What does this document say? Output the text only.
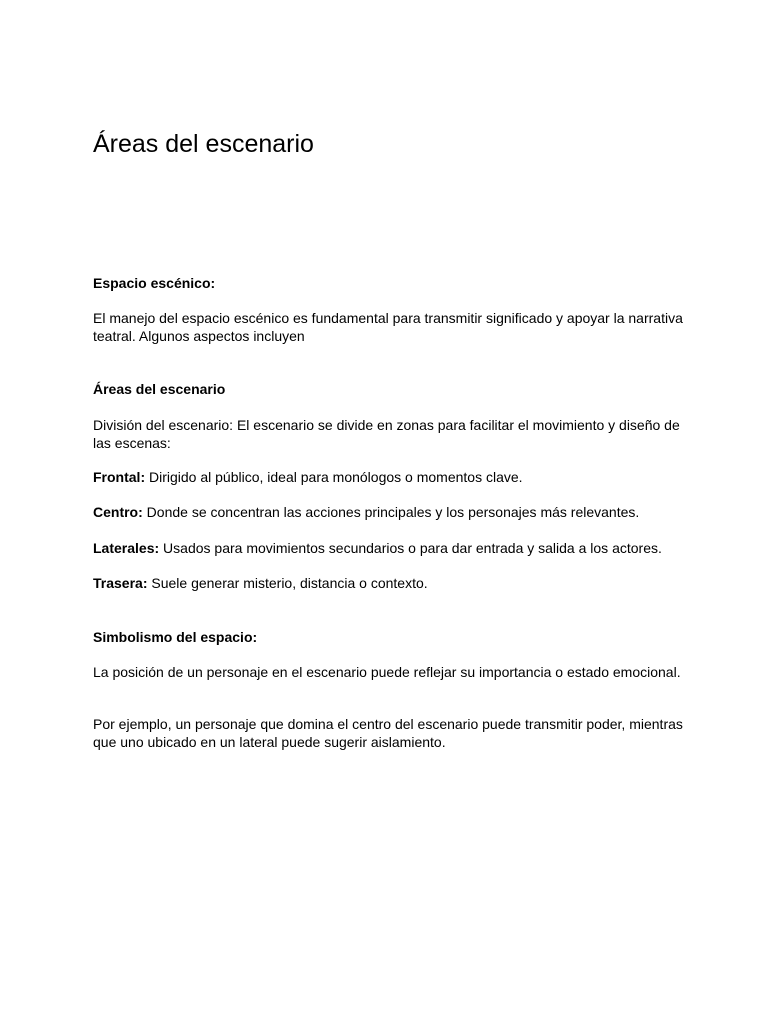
Áreas del escenario

Espacio escénico:

El manejo del espacio escénico es fundamental para transmitir significado y apoyar la narrativa teatral. Algunos aspectos incluyen

Áreas del escenario

División del escenario: El escenario se divide en zonas para facilitar el movimiento y diseño de las escenas:

Frontal: Dirigido al público, ideal para monólogos o momentos clave.

Centro: Donde se concentran las acciones principales y los personajes más relevantes.

Laterales: Usados para movimientos secundarios o para dar entrada y salida a los actores.

Trasera: Suele generar misterio, distancia o contexto.

Simbolismo del espacio:

La posición de un personaje en el escenario puede reflejar su importancia o estado emocional.

Por ejemplo, un personaje que domina el centro del escenario puede transmitir poder, mientras que uno ubicado en un lateral puede sugerir aislamiento.
